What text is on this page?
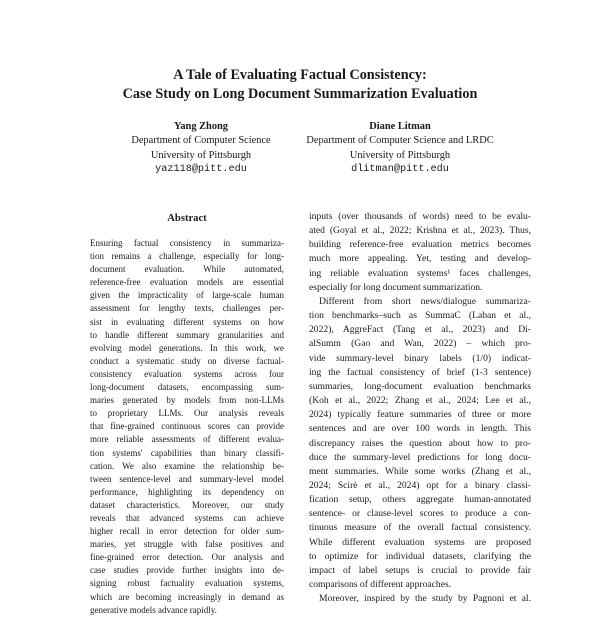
A Tale of Evaluating Factual Consistency:
Case Study on Long Document Summarization Evaluation
Yang Zhong
Department of Computer Science
University of Pittsburgh
yaz118@pitt.edu
Diane Litman
Department of Computer Science and LRDC
University of Pittsburgh
dlitman@pitt.edu
Abstract
Ensuring factual consistency in summariza-
tion remains a challenge, especially for long-
document evaluation. While automated,
reference-free evaluation models are essential
given the impracticality of large-scale human
assessment for lengthy texts, challenges per-
sist in evaluating different systems on how
to handle different summary granularities and
evolving model generations. In this work, we
conduct a systematic study on diverse factual-
consistency evaluation systems across four
long-document datasets, encompassing sum-
maries generated by models from non-LLMs
to proprietary LLMs. Our analysis reveals
that fine-grained continuous scores can provide
more reliable assessments of different evalua-
tion systems' capabilities than binary classifi-
cation. We also examine the relationship be-
tween sentence-level and summary-level model
performance, highlighting its dependency on
dataset characteristics. Moreover, our study
reveals that advanced systems can achieve
higher recall in error detection for older sum-
maries, yet struggle with false positives and
fine-grained error detection. Our analysis and
case studies provide further insights into de-
signing robust factuality evaluation systems,
which are becoming increasingly in demand as
generative models advance rapidly.
inputs (over thousands of words) need to be evalu-
ated (Goyal et al., 2022; Krishna et al., 2023). Thus,
building reference-free evaluation metrics becomes
much more appealing. Yet, testing and develop-
ing reliable evaluation systems¹ faces challenges,
especially for long document summarization.
Different from short news/dialogue summariza-
tion benchmarks–such as SummaC (Laban et al.,
2022), AggreFact (Tang et al., 2023) and Di-
alSumm (Gao and Wan, 2022) – which pro-
vide summary-level binary labels (1/0) indicat-
ing the factual consistency of brief (1-3 sentence)
summaries, long-document evaluation benchmarks
(Koh et al., 2022; Zhang et al., 2024; Lee et al.,
2024) typically feature summaries of three or more
sentences and are over 100 words in length. This
discrepancy raises the question about how to pro-
duce the summary-level predictions for long docu-
ment summaries. While some works (Zhang et al.,
2024; Scirè et al., 2024) opt for a binary classi-
fication setup, others aggregate human-annotated
sentence- or clause-level scores to produce a con-
tinuous measure of the overall factual consistency.
While different evaluation systems are proposed
to optimize for individual datasets, clarifying the
impact of label setups is crucial to provide fair
comparisons of different approaches.
Moreover, inspired by the study by Pagnoni et al.
